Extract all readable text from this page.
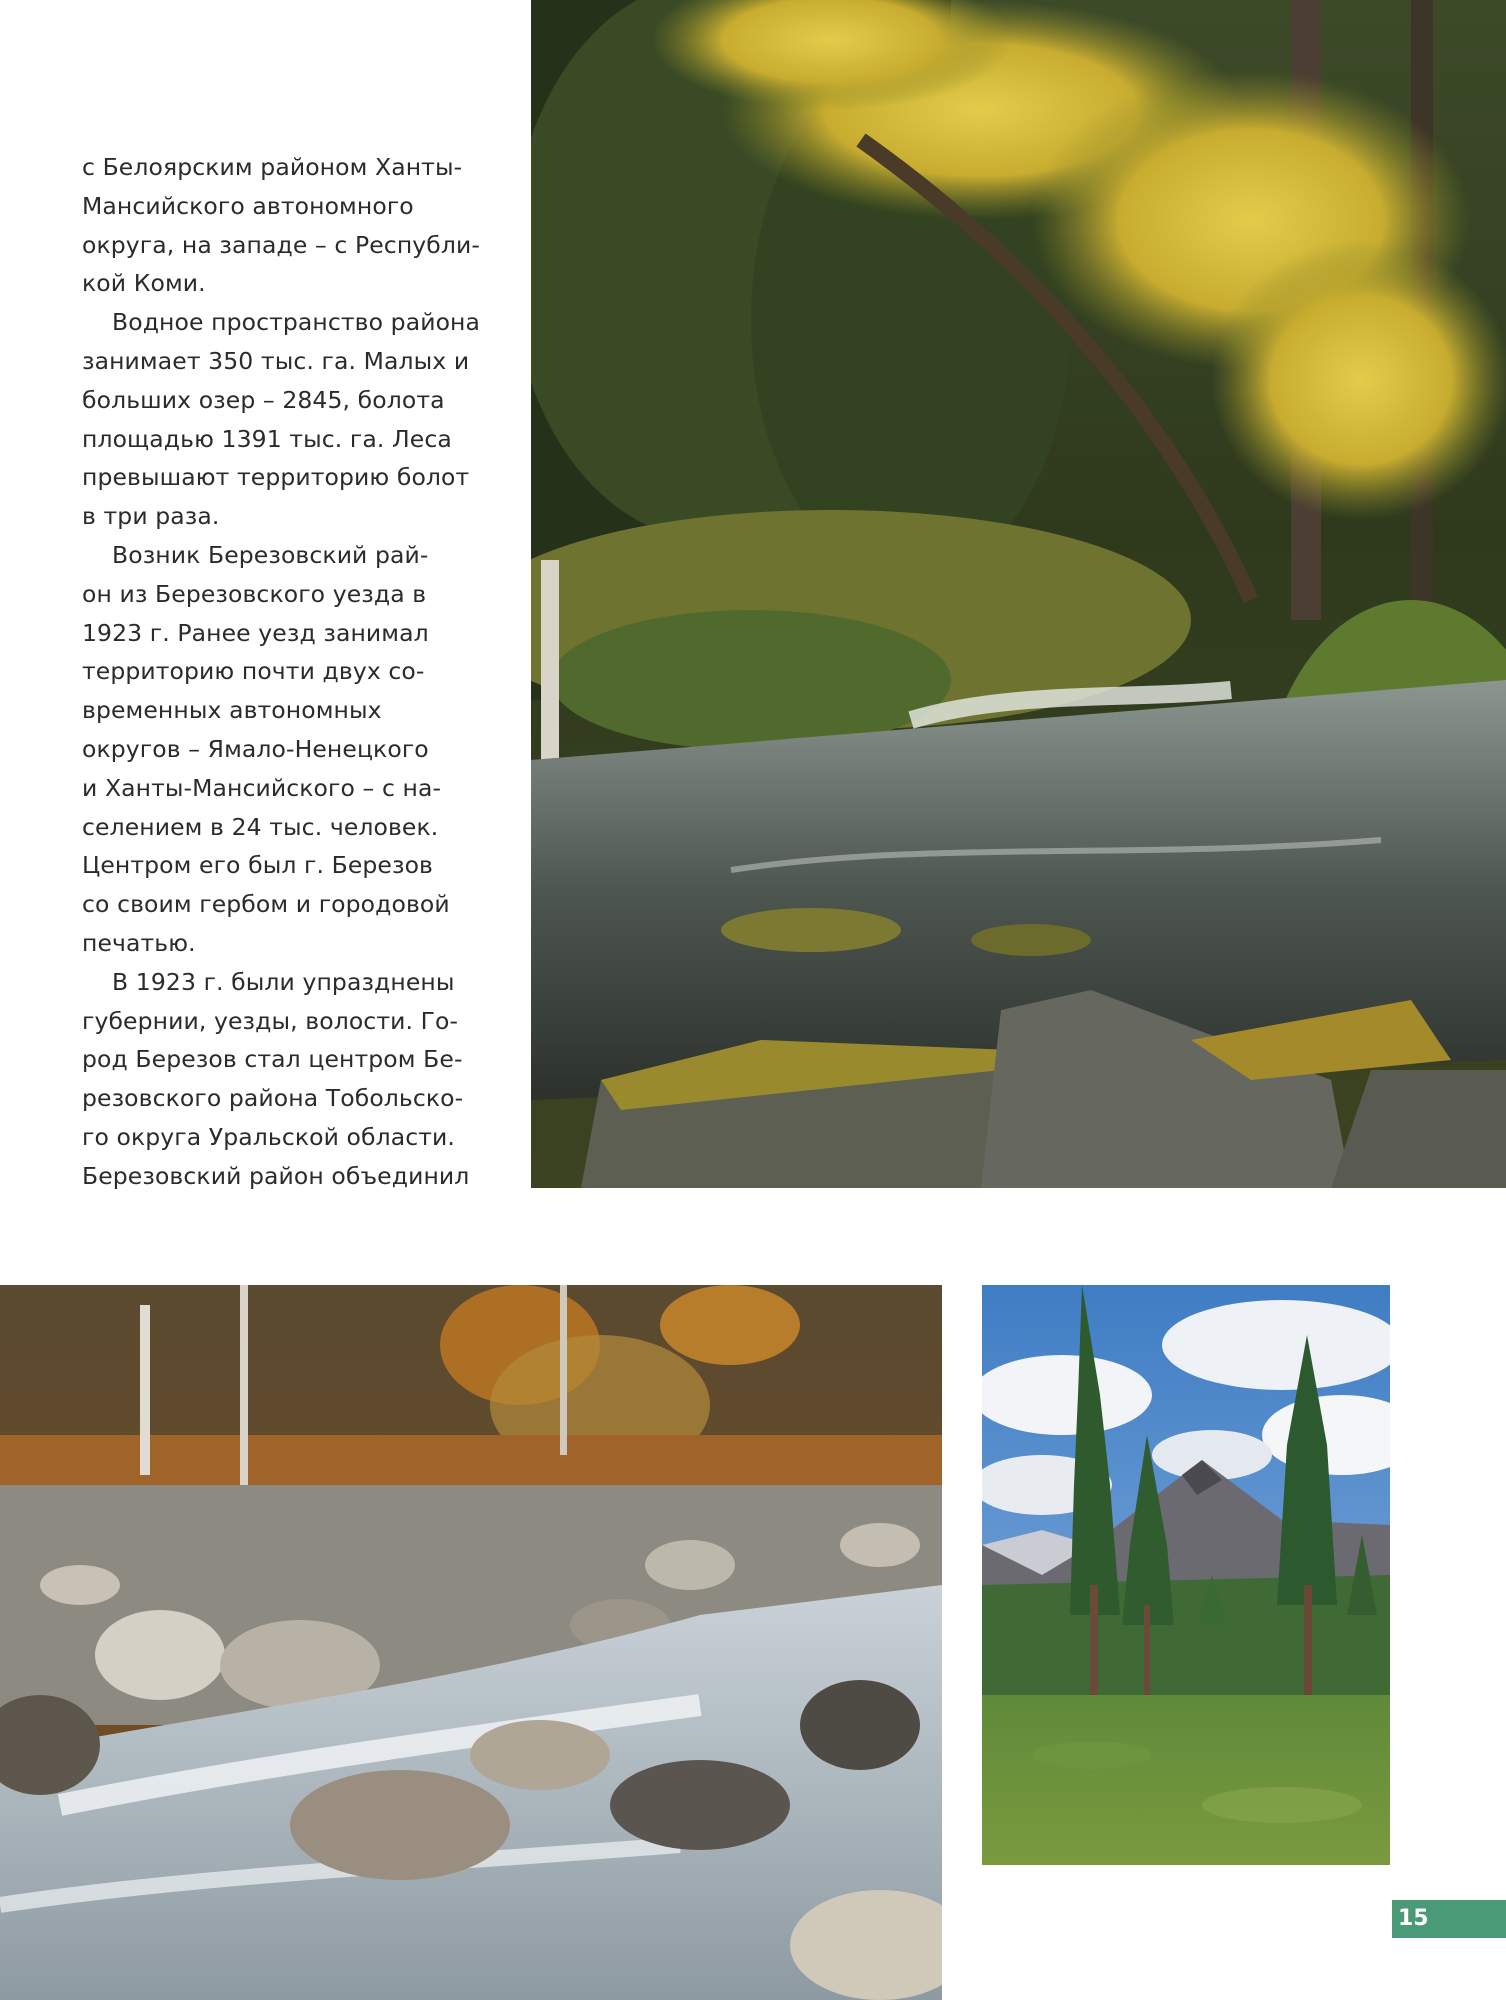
с Белоярским районом Ханты-
Мансийского автономного
округа, на западе – с Республи-
кой Коми.
Водное пространство района
занимает 350 тыс. га. Малых и
больших озер – 2845, болота
площадью 1391 тыс. га. Леса
превышают территорию болот
в три раза.
Возник Березовский рай-
он из Березовского уезда в
1923 г. Ранее уезд занимал
территорию почти двух со-
временных автономных
округов – Ямало-Ненецкого
и Ханты-Мансийского – с на-
селением в 24 тыс. человек.
Центром его был г. Березов
со своим гербом и городовой
печатью.
В 1923 г. были упразднены
губернии, уезды, волости. Го-
род Березов стал центром Бе-
резовского района Тобольско-
го округа Уральской области.
Березовский район объединил
15
